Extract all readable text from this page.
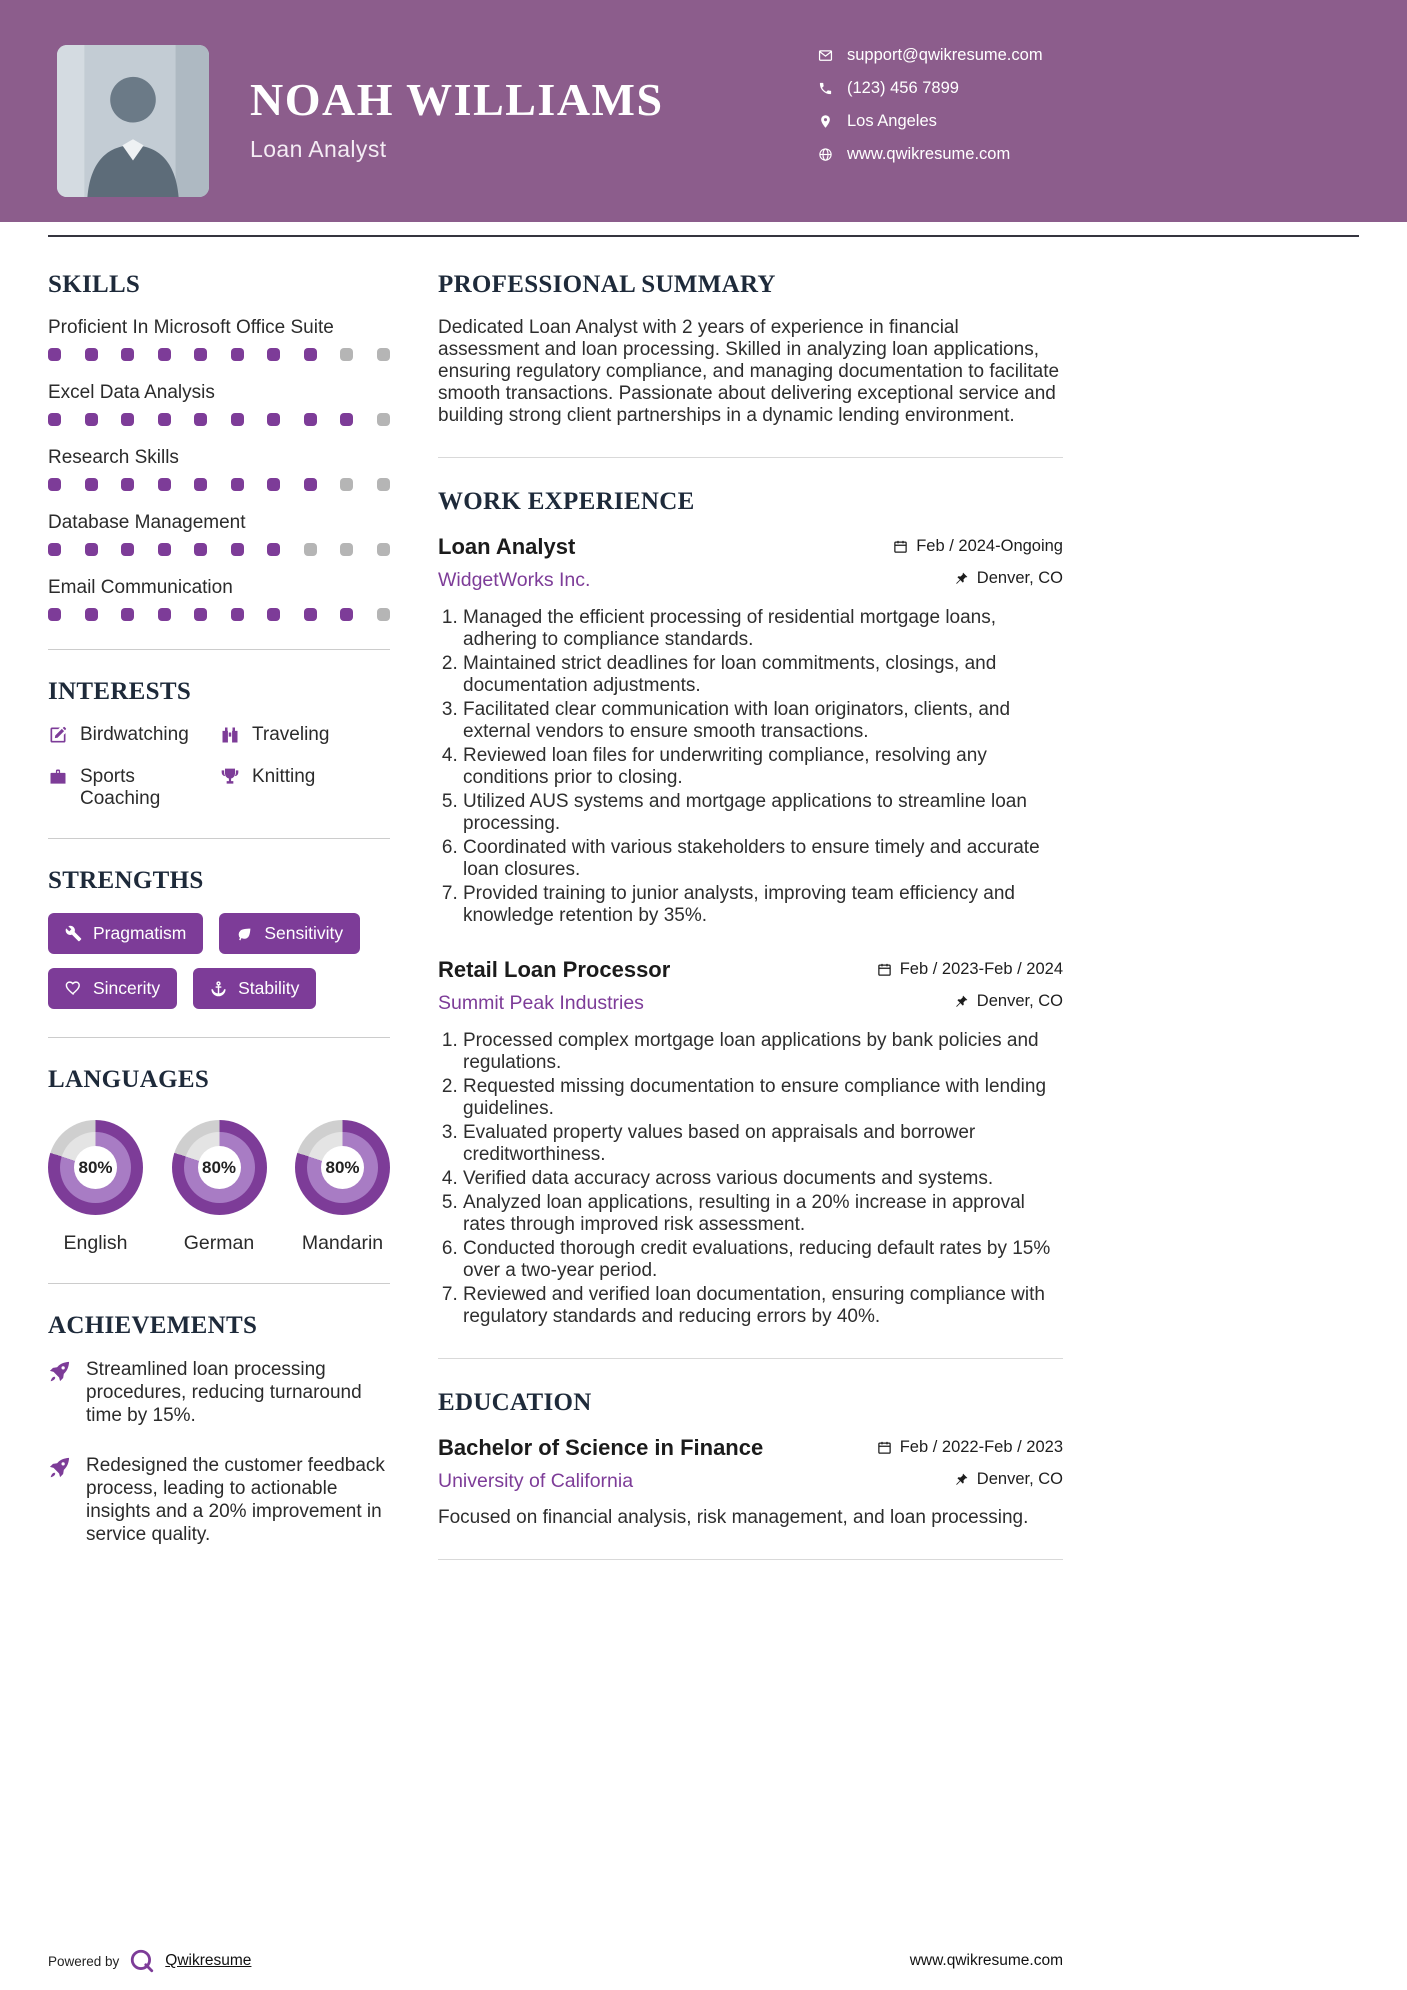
NOAH WILLIAMS
Loan Analyst
support@qwikresume.com
(123) 456 7899
Los Angeles
www.qwikresume.com
SKILLS
Proficient In Microsoft Office Suite
Excel Data Analysis
Research Skills
Database Management
Email Communication
INTERESTS
Birdwatching	Traveling
Sports Coaching
Knitting
STRENGTHS
Pragmatism	Sensitivity
Sincerity	Stability
LANGUAGES
80%
English
80%
German
80%
Mandarin
ACHIEVEMENTS
Streamlined loan processing procedures, reducing turnaround time by 15%.
Redesigned the customer feedback process, leading to actionable insights and a 20% improvement in service quality.
PROFESSIONAL SUMMARY

Dedicated Loan Analyst with 2 years of experience in financial assessment and loan processing. Skilled in analyzing loan applications, ensuring regulatory compliance, and managing documentation to facilitate smooth transactions. Passionate about delivering exceptional service and building strong client partnerships in a dynamic lending environment.

WORK EXPERIENCE
Loan Analyst	Feb / 2024-Ongoing
WidgetWorks Inc.	Denver, CO
1. Managed the efficient processing of residential mortgage loans, adhering to compliance standards.
2. Maintained strict deadlines for loan commitments, closings, and documentation adjustments.
3. Facilitated clear communication with loan originators, clients, and external vendors to ensure smooth transactions.
4. Reviewed loan files for underwriting compliance, resolving any conditions prior to closing.
5. Utilized AUS systems and mortgage applications to streamline loan processing.
6. Coordinated with various stakeholders to ensure timely and accurate loan closures.
7. Provided training to junior analysts, improving team efficiency and knowledge retention by 35%.
Retail Loan Processor	Feb / 2023-Feb / 2024
Summit Peak Industries	Denver, CO
1. Processed complex mortgage loan applications by bank policies and regulations.
2. Requested missing documentation to ensure compliance with lending guidelines.
3. Evaluated property values based on appraisals and borrower creditworthiness.
4. Verified data accuracy across various documents and systems.
5. Analyzed loan applications, resulting in a 20% increase in approval rates through improved risk assessment.
6. Conducted thorough credit evaluations, reducing default rates by 15% over a two-year period.
7. Reviewed and verified loan documentation, ensuring compliance with regulatory standards and reducing errors by 40%.
EDUCATION
Bachelor of Science in Finance	Feb / 2022-Feb / 2023
University of California	Denver, CO
Focused on financial analysis, risk management, and loan processing.
Powered by	Qwikresume	www.qwikresume.com
